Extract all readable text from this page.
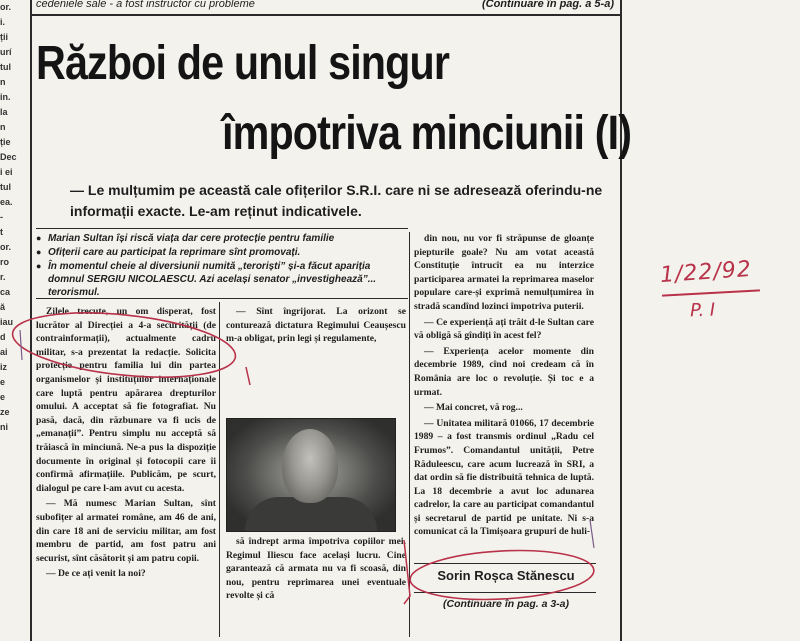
or.
i.
ții
urí
tul
n
in.
la
n
ție
Dec
i ei
tul
ea.
-
t
or.
ro
r.
ca
ă
iau
d
ai
iz
e
e
ze
ni
cedeniele sale - a fost instructor cu probleme	(Continuare în pag. a 5-a)
Război de unul singur
împotriva minciunii (I)
— Le mulțumim pe această cale ofițerilor S.R.I. care ni se adresează oferindu-ne informații exacte. Le-am reținut indicativele.
● Marian Sultan își riscă viața dar cere protecție pentru familie
● Ofițerii care au participat la reprimare sînt promovați.
● În momentul cheie al diversiunii numită „teroriști” și-a făcut apariția domnul SERGIU NICOLAESCU. Azi același senator „investighează”... terorismul.

Zilele trecute, un om disperat, fost lucrător al Direcției a 4-a securității (de contrainformații), actualmente cadru militar, s-a prezentat la redacție. Solicita protecție pentru familia lui din partea organismelor și instituțiilor internaționale care luptă pentru apărarea drepturilor omului. A acceptat să fie fotografiat. Nu pasă, dacă, din răzbunare va fi ucis de „emanații”. Pentru simplu nu acceptă să trăiască în minciună. Ne-a pus la dispoziție documente în original și fotocopii care îi confirmă afirmațiile. Publicăm, pe scurt, dialogul pe care l-am avut cu acesta.

— Mă numesc Marian Sultan, sînt subofițer al armatei române, am 46 de ani, din care 18 ani de serviciu militar, am fost membru de partid, am fost patru ani securist, sînt căsătorit și am patru copii.

— De ce ați venit la noi?

— Sînt îngrijorat. La orizont se conturează dictatura Regimului Ceaușescu m-a obligat, prin legi și regulamente,

să îndrept arma împotriva copiilor mei. Regimul Iliescu face același lucru. Cine garantează că armata nu va fi scoasă, din nou, pentru reprimarea unei eventuale revolte și că

din nou, nu vor fi străpunse de gloanțe piepturile goale? Nu am votat această Constituție întrucît ea nu interzice participarea armatei la reprimarea maselor populare care-și exprimă nemulțumirea în stradă scandînd lozinci împotriva puterii.

— Ce experiență ați trăit d-le Sultan care vă obligă să gîndiți în acest fel?

— Experiența acelor momente din decembrie 1989, cînd noi credeam că în România are loc o revoluție. Și toc e a urmat.

— Mai concret, vă rog...

— Unitatea militară 01066, 17 decembrie 1989 – a fost transmis ordinul „Radu cel Frumos”. Comandantul unității, Petre Răduleescu, care acum lucrează în SRI, a dat ordin să fie distribuită tehnica de luptă. La 18 decembrie a avut loc adunarea cadrelor, la care au participat comandantul și secretarul de partid pe unitate. Ni s-a comunicat că la Timișoara grupuri de huli-

Sorin Roșca Stănescu
(Continuare în pag. a 3-a)
1/22/92
P. I
